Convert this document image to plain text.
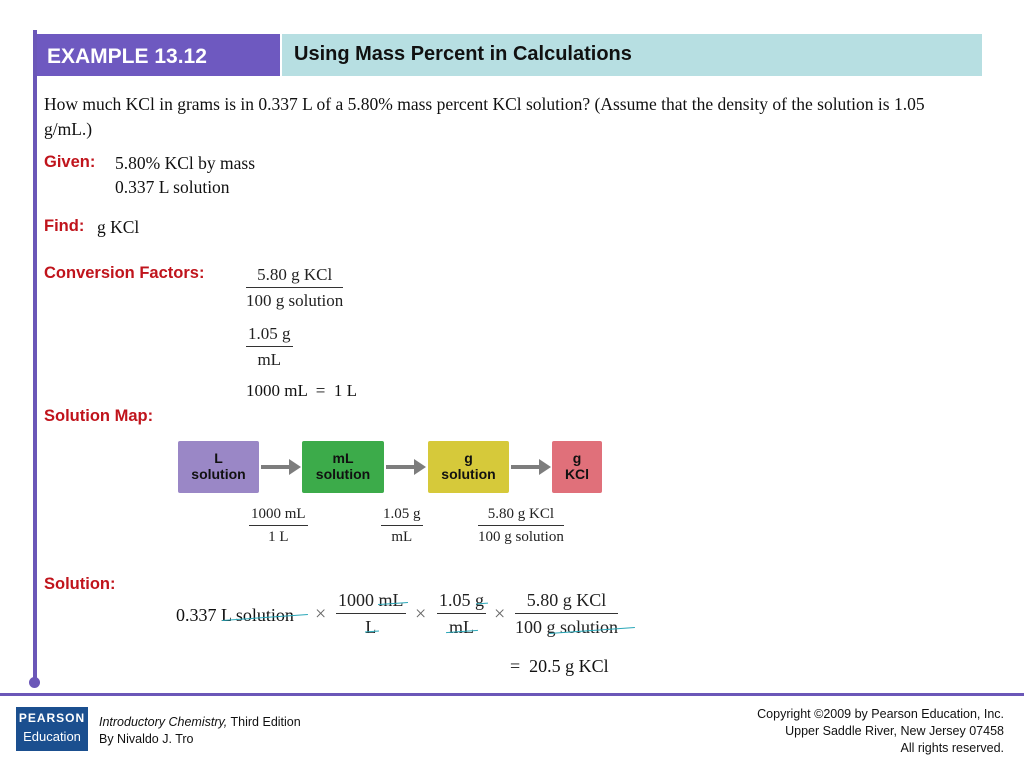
EXAMPLE 13.12	Using Mass Percent in Calculations
How much KCl in grams is in 0.337 L of a 5.80% mass percent KCl solution? (Assume that the density of the solution is 1.05 g/mL.)
Given: 5.80% KCl by mass
0.337 L solution
Find: g KCl
Conversion Factors:	5.80 g KCl
100 g solution
$\frac{1.05 g}{mL}$
1000 mL  =  1 L
Solution Map:
L
solution
mL
solution
g
solution
g
KCl
$\frac{1000 mL}{1 L}$	$\frac{1.05 g}{mL}$	5.80 g KCl
100 g solution
Solution:
0.337 L solution × $\frac{1000 mL}{L} \times \frac{1.05 g}{mL}$ ×
5.80 g KCl
100 g solution
=  20.5 g KCl
PEARSON
Education
Introductory Chemistry, Third Edition
By Nivaldo J. Tro
Copyright ©2009 by Pearson Education, Inc.
Upper Saddle River, New Jersey 07458
All rights reserved.
